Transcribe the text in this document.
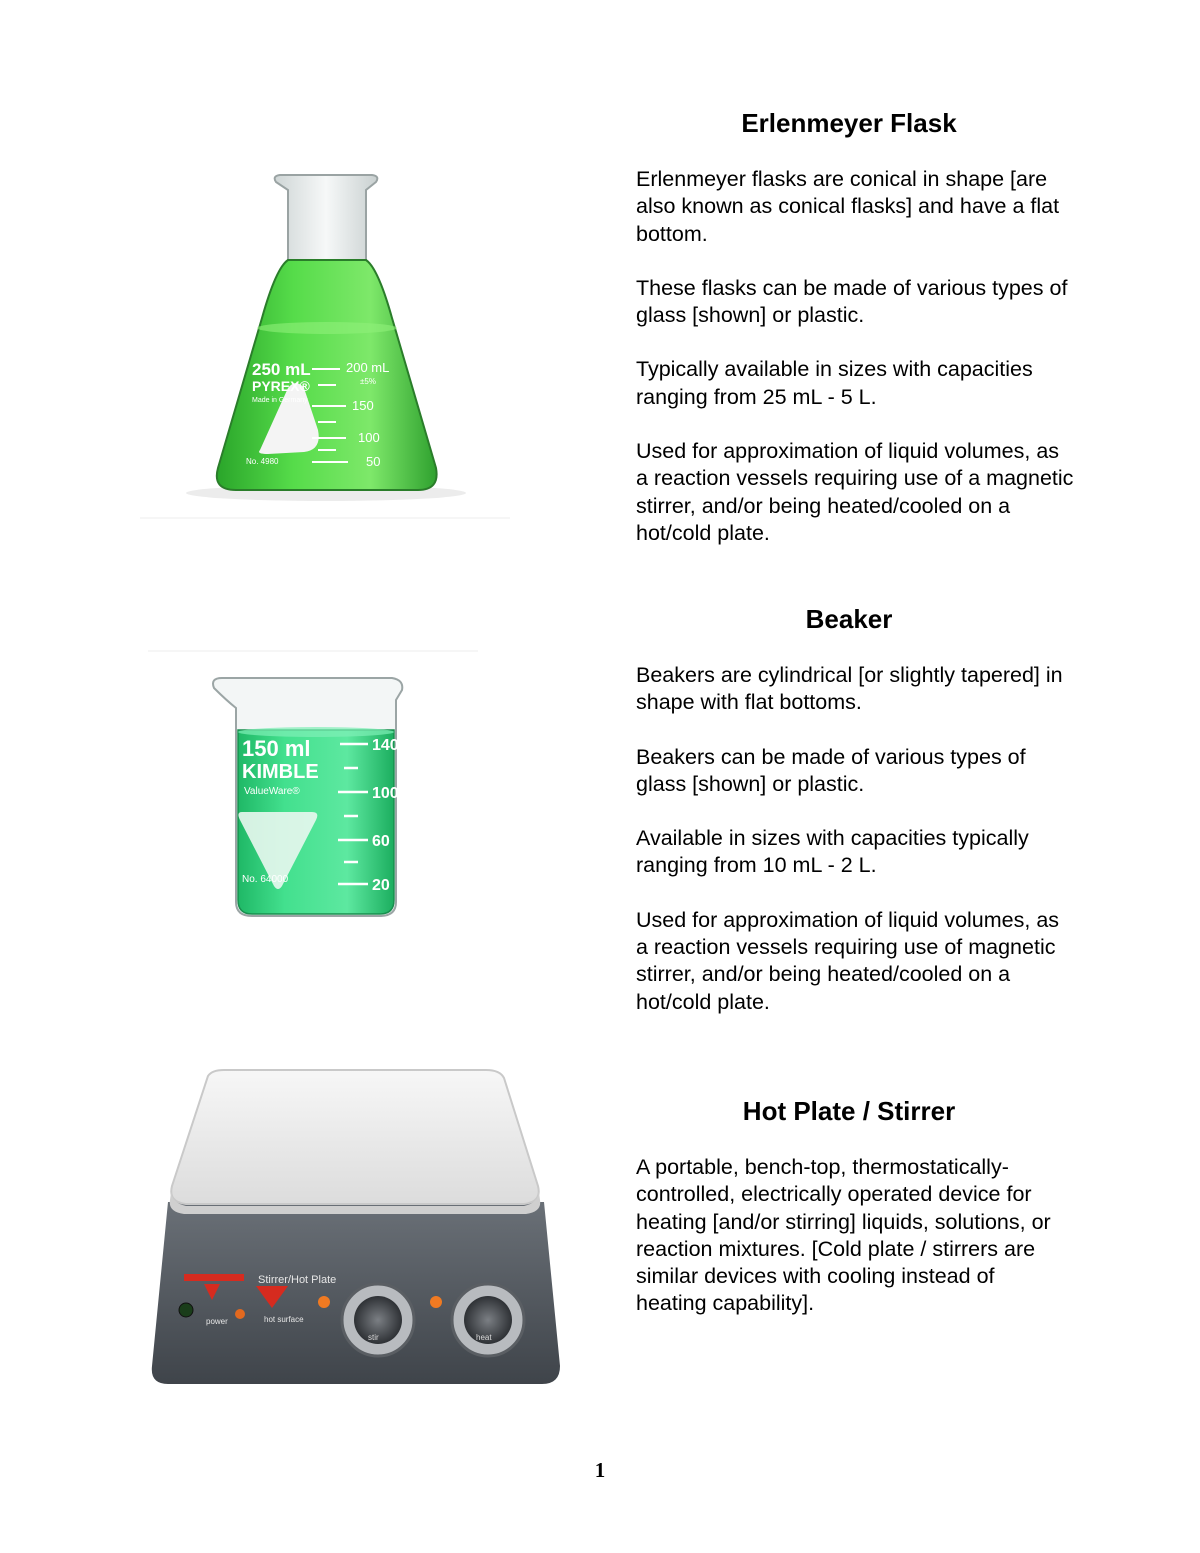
250 mL
PYREX®
Made in Germany
No. 4980
200 mL
±5%
150
100
50
Erlenmeyer Flask

Erlenmeyer flasks are conical in shape [are also known as conical flasks] and have a flat bottom.

These flasks can be made of various types of glass [shown] or plastic.

Typically available in sizes with capacities ranging from 25 mL - 5 L.

Used for approximation of liquid volumes, as a reaction vessels requiring use of a magnetic stirrer, and/or being heated/cooled on a hot/cold plate.

150 ml
KIMBLE
ValueWare®
No. 64000
140
100
60
20
Beaker

Beakers are cylindrical [or slightly tapered] in shape with flat bottoms.

Beakers can be made of various types of glass [shown] or plastic.

Available in sizes with capacities typically ranging from 10 mL - 2 L.

Used for approximation of liquid volumes, as a reaction vessels requiring use of magnetic stirrer, and/or being heated/cooled on a hot/cold plate.

Stirrer/Hot Plate
power	hot surface
stir	heat
Hot Plate / Stirrer

A portable, bench-top, thermostatically-controlled, electrically operated device for heating [and/or stirring] liquids, solutions, or reaction mixtures. [Cold plate / stirrers are similar devices with cooling instead of heating capability].

1
